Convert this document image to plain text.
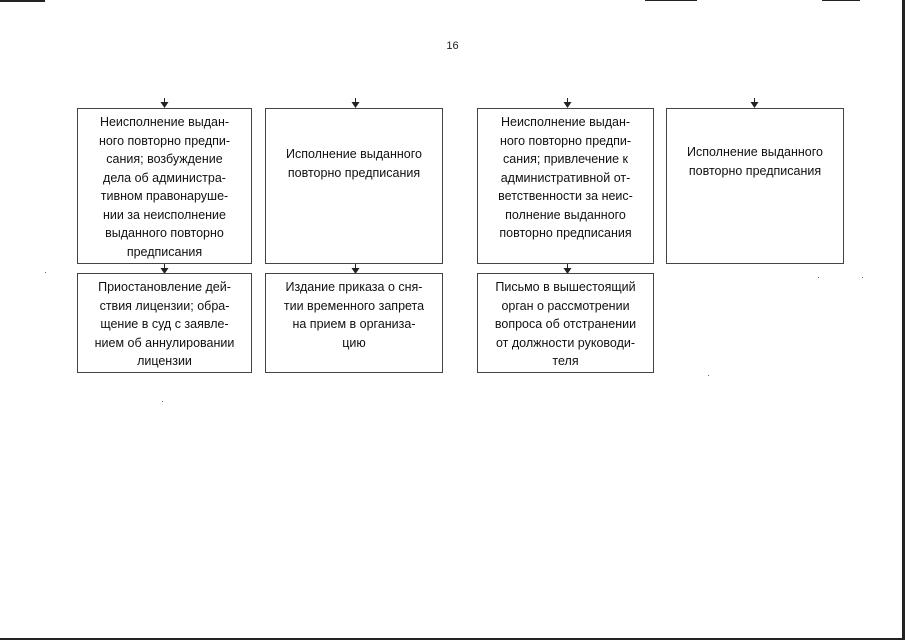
16
Неисполнение выдан-
ного повторно предпи-
сания; возбуждение
дела об администра-
тивном правонаруше-
нии за неисполнение
выданного повторно
предписания
Исполнение выданного
повторно предписания
Неисполнение выдан-
ного повторно предпи-
сания; привлечение к
административной от-
ветственности за неис-
полнение выданного
повторно предписания
Исполнение выданного
повторно предписания
Приостановление дей-
ствия лицензии; обра-
щение в суд с заявле-
нием об аннулировании
лицензии
Издание приказа о сня-
тии временного запрета
на прием в организа-
цию
Письмо в вышестоящий
орган о рассмотрении
вопроса об отстранении
от должности руководи-
теля
